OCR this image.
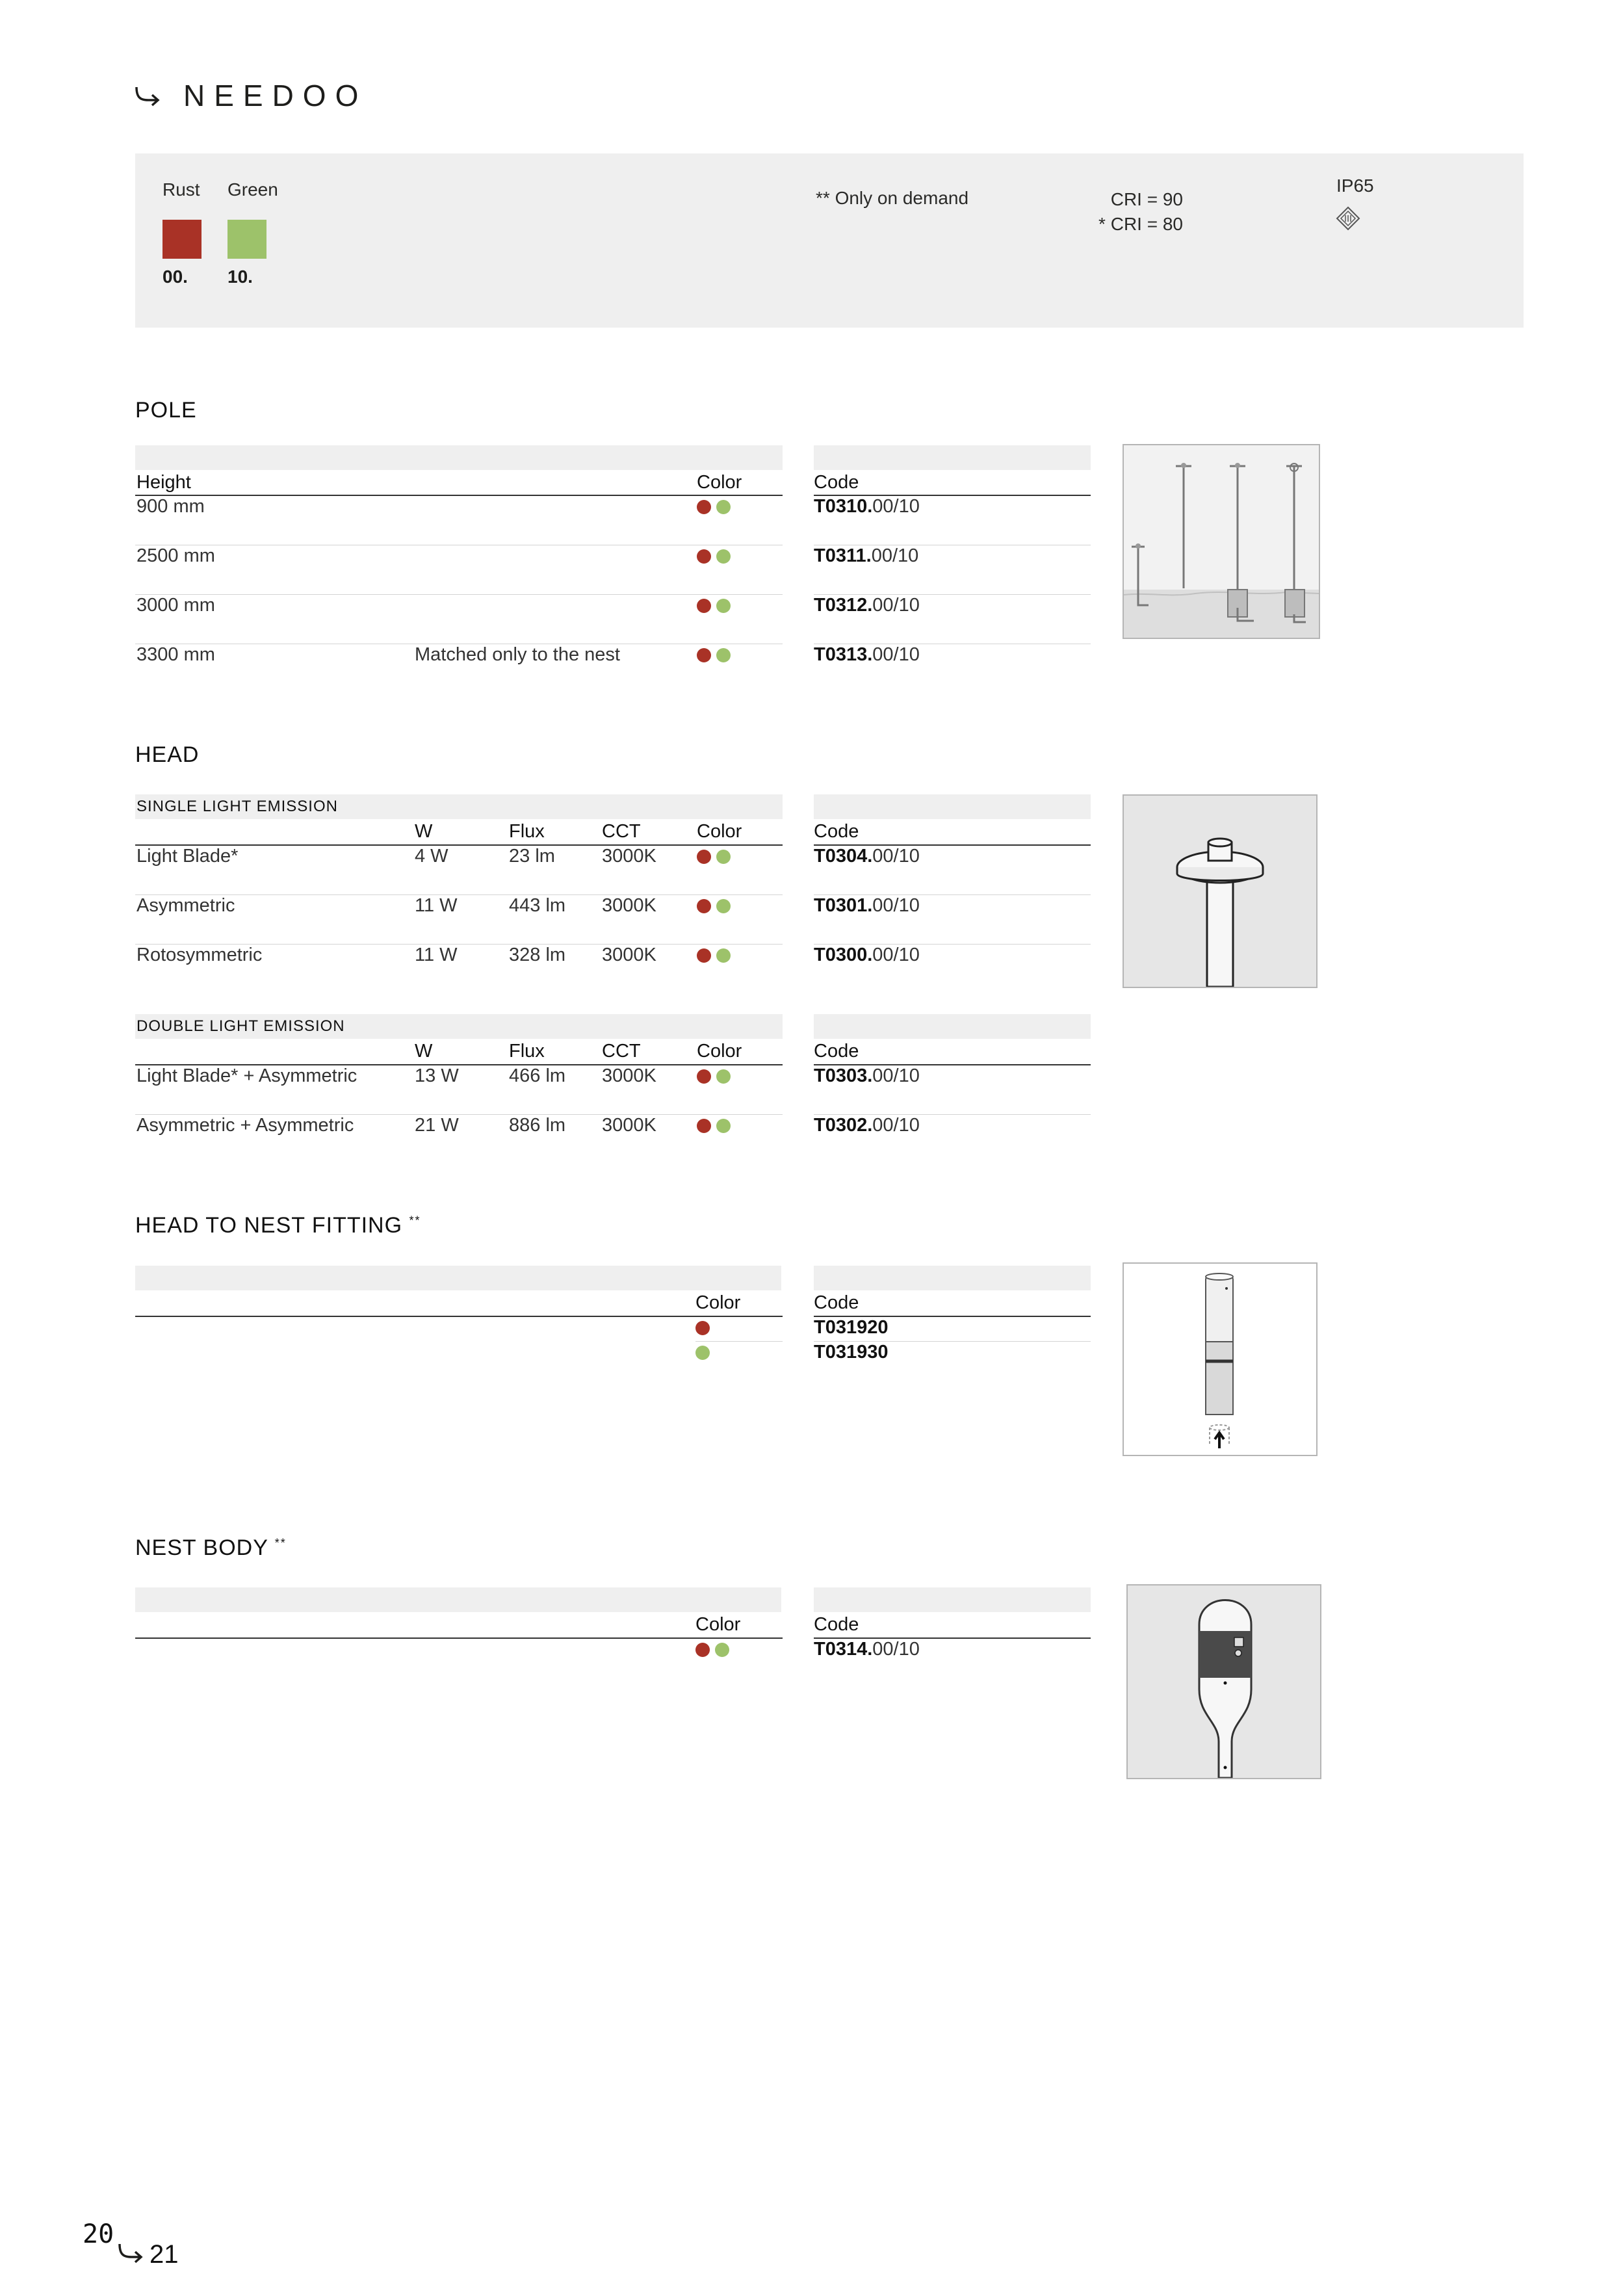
NEEDOO
Rust Green
00. 10.
** Only on demand	CRI = 90
* CRI = 80
IP65
POLE
Height	Color	Code
900 mm	T0310.00/10
2500 mm	T0311.00/10
3000 mm	T0312.00/10
3300 mm	Matched only to the nest	T0313.00/10
HEAD
SINGLE LIGHT EMISSION
W	Flux	CCT	Color	Code
Light Blade*	4 W	23 lm 3000K	T0304.00/10
Asymmetric	11 W	443 lm 3000K	T0301.00/10
Rotosymmetric	11 W	328 lm 3000K	T0300.00/10
DOUBLE LIGHT EMISSION
W	Flux	CCT	Color	Code
Light Blade* + Asymmetric	13 W	466 lm 3000K	T0303.00/10
Asymmetric + Asymmetric	21 W	886 lm 3000K	T0302.00/10
HEAD TO NEST FITTING **
Color	Code
T031920
T031930
NEST BODY **
Color	Code
T0314.00/10
20
21
